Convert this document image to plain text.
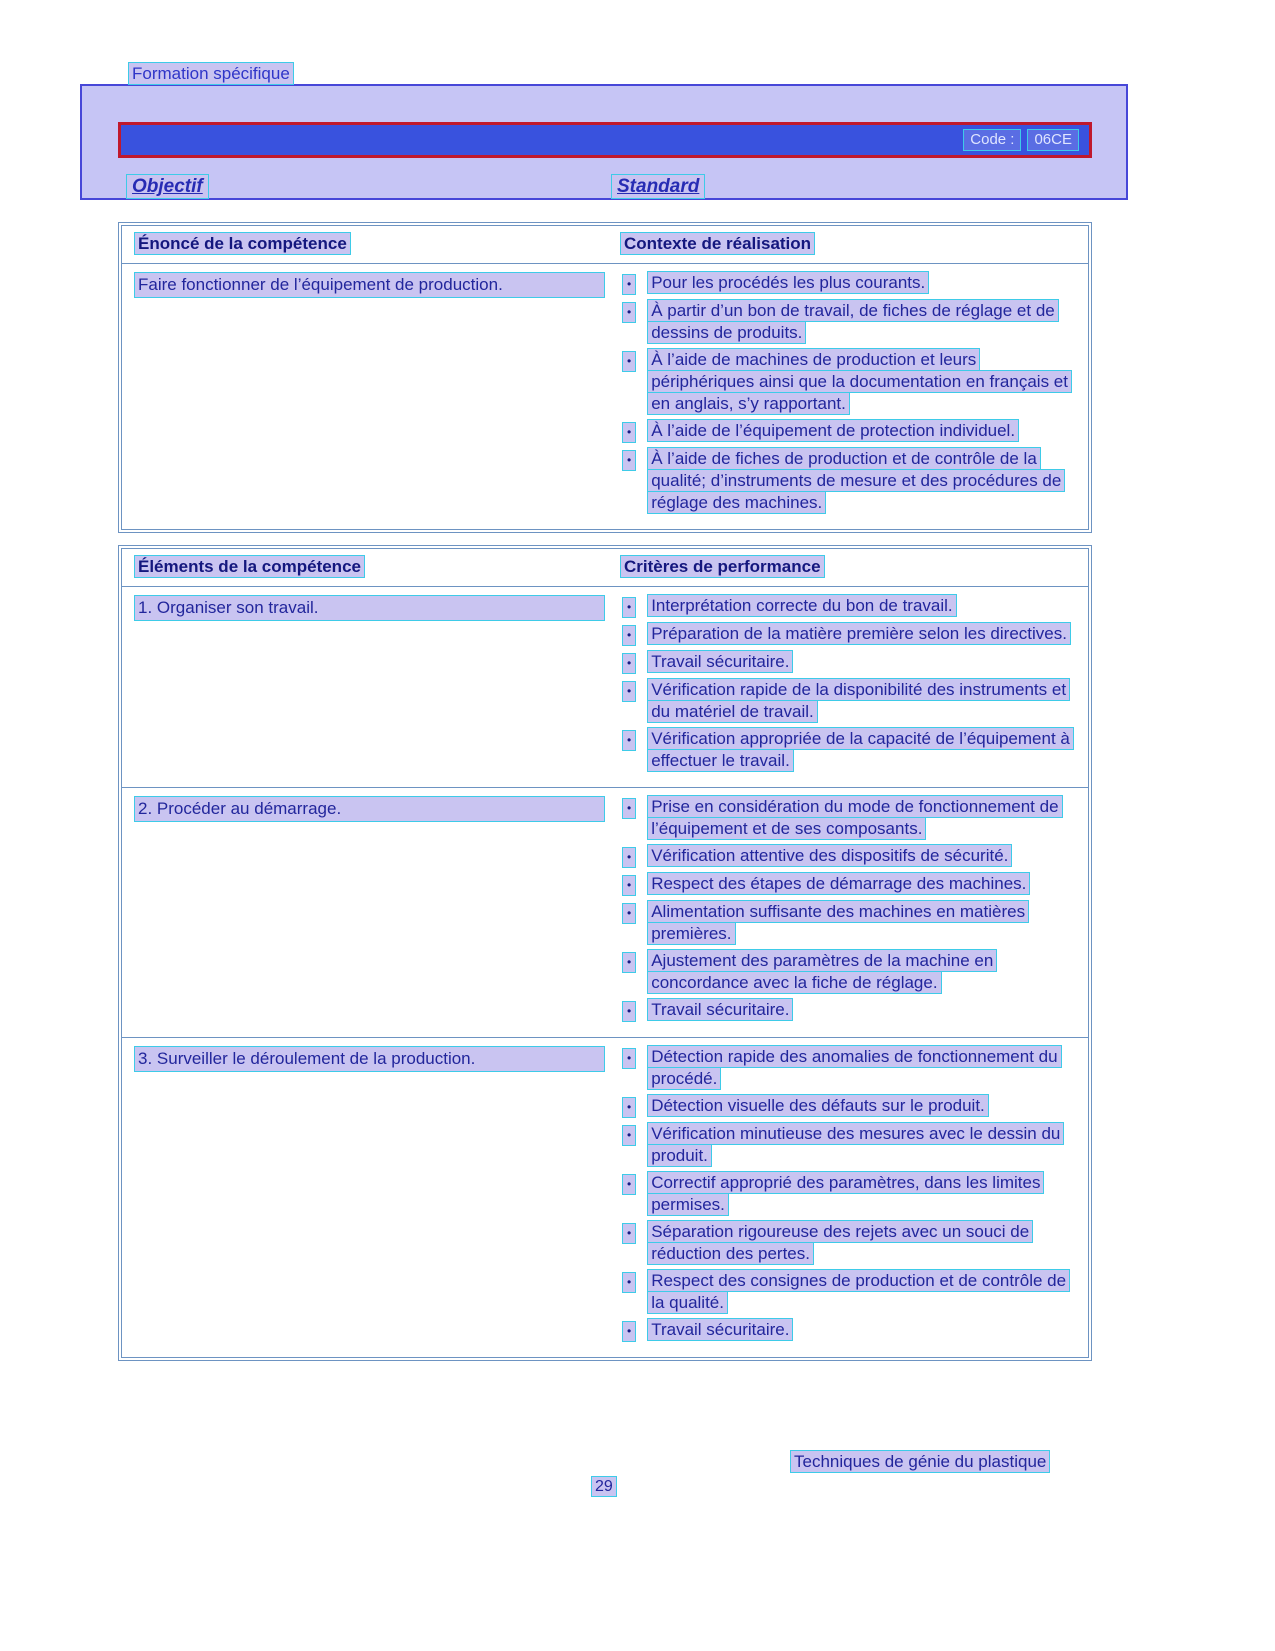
Formation spécifique
Code :	06CE
Objectif	Standard
Énoncé de la compétence	Contexte de réalisation
Faire fonctionner de l’équipement de production.	• Pour les procédés les plus courants.
• À partir d’un bon de travail, de fiches de réglage et de dessins de produits.
• À l’aide de machines de production et leurs périphériques ainsi que la documentation en français et en anglais, s’y rapportant.
• À l’aide de l’équipement de protection individuel.
• À l’aide de fiches de production et de contrôle de la qualité; d’instruments de mesure et des procédures de réglage des machines.
Éléments de la compétence	Critères de performance
1. Organiser son travail.	• Interprétation correcte du bon de travail.
• Préparation de la matière première selon les directives.
• Travail sécuritaire.
• Vérification rapide de la disponibilité des instruments et du matériel de travail.
• Vérification appropriée de la capacité de l’équipement à effectuer le travail.
2. Procéder au démarrage.	• Prise en considération du mode de fonctionnement de l’équipement et de ses composants.
• Vérification attentive des dispositifs de sécurité.
• Respect des étapes de démarrage des machines.
• Alimentation suffisante des machines en matières premières.
• Ajustement des paramètres de la machine en concordance avec la fiche de réglage.
• Travail sécuritaire.
3. Surveiller le déroulement de la production.	• Détection rapide des anomalies de fonctionnement du procédé.
• Détection visuelle des défauts sur le produit.
• Vérification minutieuse des mesures avec le dessin du produit.
• Correctif approprié des paramètres, dans les limites permises.
• Séparation rigoureuse des rejets avec un souci de réduction des pertes.
• Respect des consignes de production et de contrôle de la qualité.
• Travail sécuritaire.
Techniques de génie du plastique
29
